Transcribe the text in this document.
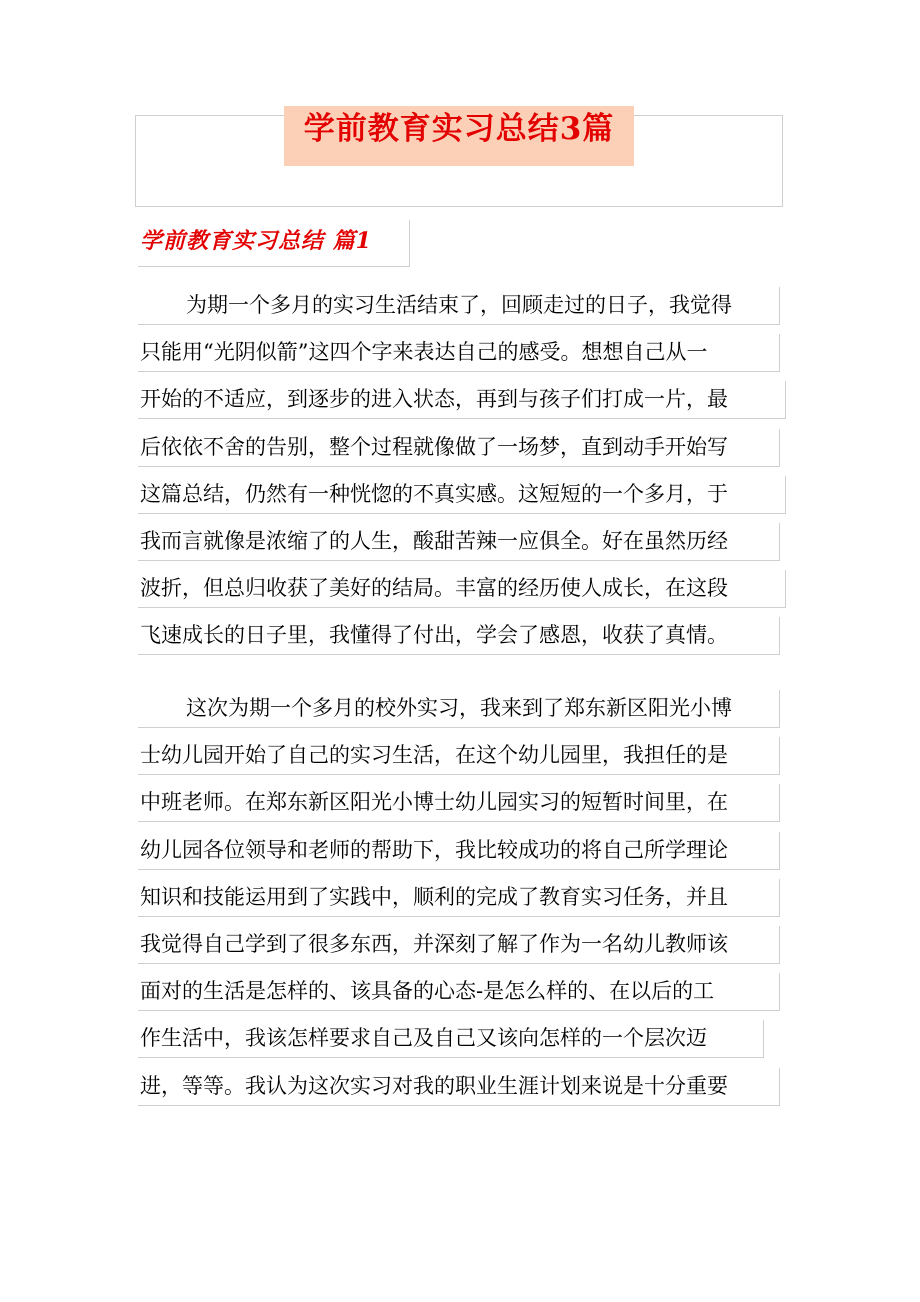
学前教育实习总结3篇
学前教育实习总结 篇1
为期一个多月的实习生活结束了，回顾走过的日子，我觉得
只能用“光阴似箭”这四个字来表达自己的感受。想想自己从一
开始的不适应，到逐步的进入状态，再到与孩子们打成一片，最
后依依不舍的告别，整个过程就像做了一场梦，直到动手开始写
这篇总结，仍然有一种恍惚的不真实感。这短短的一个多月，于
我而言就像是浓缩了的人生，酸甜苦辣一应俱全。好在虽然历经
波折，但总归收获了美好的结局。丰富的经历使人成长，在这段
飞速成长的日子里，我懂得了付出，学会了感恩，收获了真情。
这次为期一个多月的校外实习，我来到了郑东新区阳光小博
士幼儿园开始了自己的实习生活，在这个幼儿园里，我担任的是
中班老师。在郑东新区阳光小博士幼儿园实习的短暂时间里，在
幼儿园各位领导和老师的帮助下，我比较成功的将自己所学理论
知识和技能运用到了实践中，顺利的完成了教育实习任务，并且
我觉得自己学到了很多东西，并深刻了解了作为一名幼儿教师该
面对的生活是怎样的、该具备的心态-是怎么样的、在以后的工
作生活中，我该怎样要求自己及自己又该向怎样的一个层次迈
进，等等。我认为这次实习对我的职业生涯计划来说是十分重要
